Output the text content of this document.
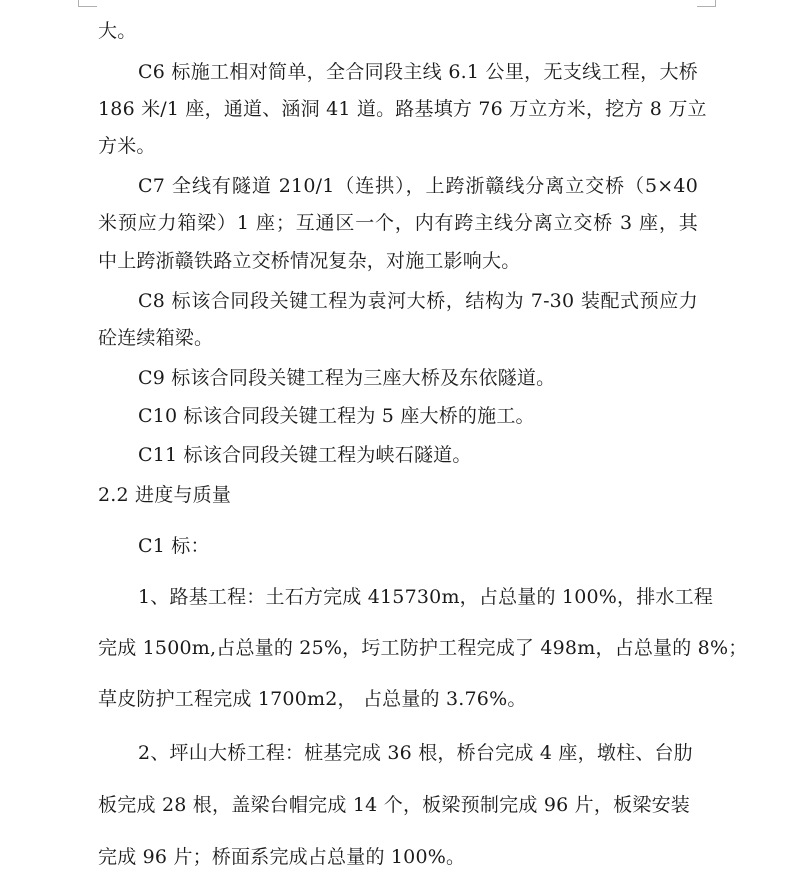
大。
C6 标施工相对简单，全合同段主线 6.1 公里，无支线工程，大桥
186 米/1 座，通道、涵洞 41 道。路基填方 76 万立方米，挖方 8 万立
方米。
C7 全线有隧道 210/1（连拱），上跨浙赣线分离立交桥（5×40
米预应力箱梁）1 座；互通区一个，内有跨主线分离立交桥 3 座，其
中上跨浙赣铁路立交桥情况复杂，对施工影响大。
C8 标该合同段关键工程为袁河大桥，结构为 7-30 装配式预应力
砼连续箱梁。
C9 标该合同段关键工程为三座大桥及东依隧道。
C10 标该合同段关键工程为 5 座大桥的施工。
C11 标该合同段关键工程为峡石隧道。
2.2 进度与质量
C1 标：
1、路基工程：土石方完成 415730m，占总量的 100%，排水工程
完成 1500m,占总量的 25%，圬工防护工程完成了 498m，占总量的 8%；
草皮防护工程完成 1700m2， 占总量的 3.76%。
2、坪山大桥工程：桩基完成 36 根，桥台完成 4 座，墩柱、台肋
板完成 28 根，盖梁台帽完成 14 个，板梁预制完成 96 片，板梁安装
完成 96 片；桥面系完成占总量的 100%。
